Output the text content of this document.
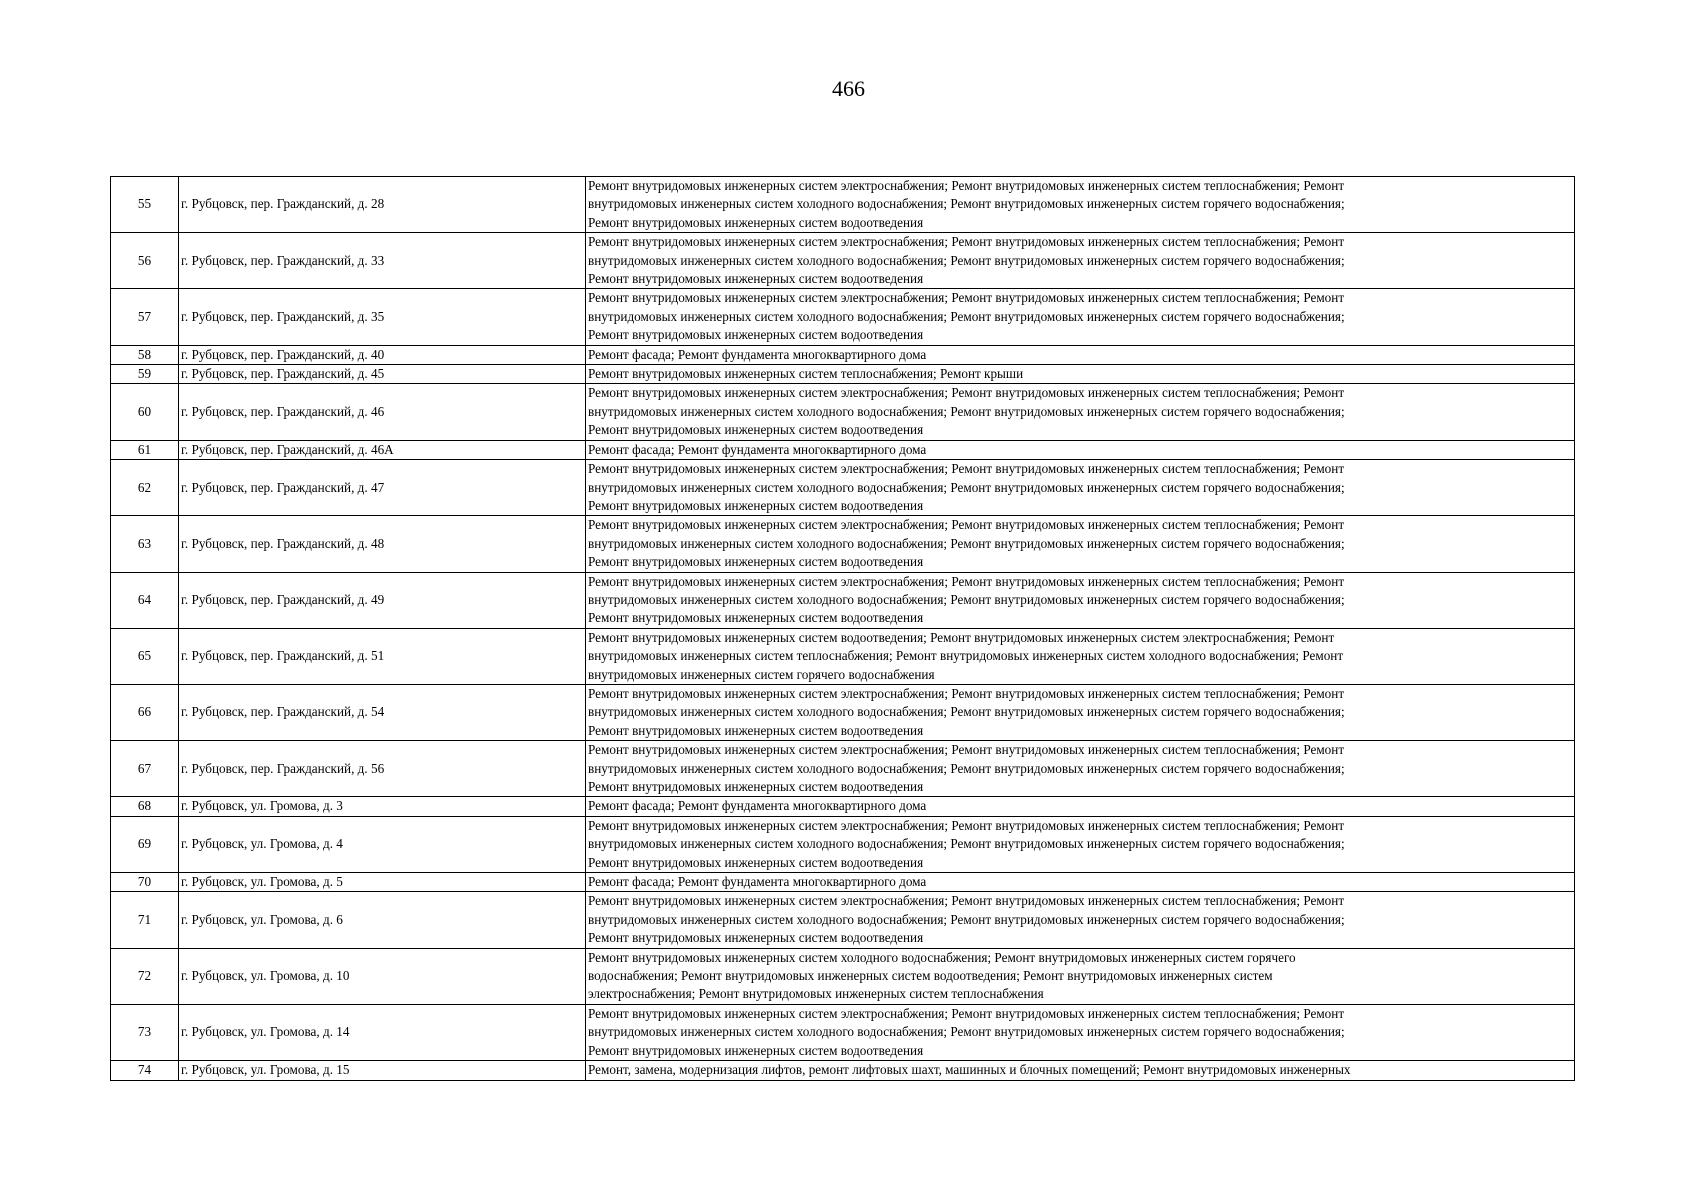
466
55	г. Рубцовск, пер. Гражданский, д. 28	Ремонт внутридомовых инженерных систем электроснабжения; Ремонт внутридомовых инженерных систем теплоснабжения; Ремонт
внутридомовых инженерных систем холодного водоснабжения; Ремонт внутридомовых инженерных систем горячего водоснабжения;
Ремонт внутридомовых инженерных систем водоотведения

56	г. Рубцовск, пер. Гражданский, д. 33	Ремонт внутридомовых инженерных систем электроснабжения; Ремонт внутридомовых инженерных систем теплоснабжения; Ремонт
внутридомовых инженерных систем холодного водоснабжения; Ремонт внутридомовых инженерных систем горячего водоснабжения;
Ремонт внутридомовых инженерных систем водоотведения

57	г. Рубцовск, пер. Гражданский, д. 35	Ремонт внутридомовых инженерных систем электроснабжения; Ремонт внутридомовых инженерных систем теплоснабжения; Ремонт
внутридомовых инженерных систем холодного водоснабжения; Ремонт внутридомовых инженерных систем горячего водоснабжения;
Ремонт внутридомовых инженерных систем водоотведения

58	г. Рубцовск, пер. Гражданский, д. 40	Ремонт фасада; Ремонт фундамента многоквартирного дома

59	г. Рубцовск, пер. Гражданский, д. 45	Ремонт внутридомовых инженерных систем теплоснабжения; Ремонт крыши

60	г. Рубцовск, пер. Гражданский, д. 46	Ремонт внутридомовых инженерных систем электроснабжения; Ремонт внутридомовых инженерных систем теплоснабжения; Ремонт
внутридомовых инженерных систем холодного водоснабжения; Ремонт внутридомовых инженерных систем горячего водоснабжения;
Ремонт внутридомовых инженерных систем водоотведения

61	г. Рубцовск, пер. Гражданский, д. 46А	Ремонт фасада; Ремонт фундамента многоквартирного дома

62	г. Рубцовск, пер. Гражданский, д. 47	Ремонт внутридомовых инженерных систем электроснабжения; Ремонт внутридомовых инженерных систем теплоснабжения; Ремонт
внутридомовых инженерных систем холодного водоснабжения; Ремонт внутридомовых инженерных систем горячего водоснабжения;
Ремонт внутридомовых инженерных систем водоотведения

63	г. Рубцовск, пер. Гражданский, д. 48	Ремонт внутридомовых инженерных систем электроснабжения; Ремонт внутридомовых инженерных систем теплоснабжения; Ремонт
внутридомовых инженерных систем холодного водоснабжения; Ремонт внутридомовых инженерных систем горячего водоснабжения;
Ремонт внутридомовых инженерных систем водоотведения

64	г. Рубцовск, пер. Гражданский, д. 49	Ремонт внутридомовых инженерных систем электроснабжения; Ремонт внутридомовых инженерных систем теплоснабжения; Ремонт
внутридомовых инженерных систем холодного водоснабжения; Ремонт внутридомовых инженерных систем горячего водоснабжения;
Ремонт внутридомовых инженерных систем водоотведения

65	г. Рубцовск, пер. Гражданский, д. 51	Ремонт внутридомовых инженерных систем водоотведения; Ремонт внутридомовых инженерных систем электроснабжения; Ремонт
внутридомовых инженерных систем теплоснабжения; Ремонт внутридомовых инженерных систем холодного водоснабжения; Ремонт
внутридомовых инженерных систем горячего водоснабжения

66	г. Рубцовск, пер. Гражданский, д. 54	Ремонт внутридомовых инженерных систем электроснабжения; Ремонт внутридомовых инженерных систем теплоснабжения; Ремонт
внутридомовых инженерных систем холодного водоснабжения; Ремонт внутридомовых инженерных систем горячего водоснабжения;
Ремонт внутридомовых инженерных систем водоотведения

67	г. Рубцовск, пер. Гражданский, д. 56	Ремонт внутридомовых инженерных систем электроснабжения; Ремонт внутридомовых инженерных систем теплоснабжения; Ремонт
внутридомовых инженерных систем холодного водоснабжения; Ремонт внутридомовых инженерных систем горячего водоснабжения;
Ремонт внутридомовых инженерных систем водоотведения

68	г. Рубцовск, ул. Громова, д. 3	Ремонт фасада; Ремонт фундамента многоквартирного дома

69	г. Рубцовск, ул. Громова, д. 4	Ремонт внутридомовых инженерных систем электроснабжения; Ремонт внутридомовых инженерных систем теплоснабжения; Ремонт
внутридомовых инженерных систем холодного водоснабжения; Ремонт внутридомовых инженерных систем горячего водоснабжения;
Ремонт внутридомовых инженерных систем водоотведения

70	г. Рубцовск, ул. Громова, д. 5	Ремонт фасада; Ремонт фундамента многоквартирного дома

71	г. Рубцовск, ул. Громова, д. 6	Ремонт внутридомовых инженерных систем электроснабжения; Ремонт внутридомовых инженерных систем теплоснабжения; Ремонт
внутридомовых инженерных систем холодного водоснабжения; Ремонт внутридомовых инженерных систем горячего водоснабжения;
Ремонт внутридомовых инженерных систем водоотведения

72	г. Рубцовск, ул. Громова, д. 10	Ремонт внутридомовых инженерных систем холодного водоснабжения; Ремонт внутридомовых инженерных систем горячего
водоснабжения; Ремонт внутридомовых инженерных систем водоотведения; Ремонт внутридомовых инженерных систем
электроснабжения; Ремонт внутридомовых инженерных систем теплоснабжения

73	г. Рубцовск, ул. Громова, д. 14	Ремонт внутридомовых инженерных систем электроснабжения; Ремонт внутридомовых инженерных систем теплоснабжения; Ремонт
внутридомовых инженерных систем холодного водоснабжения; Ремонт внутридомовых инженерных систем горячего водоснабжения;
Ремонт внутридомовых инженерных систем водоотведения

74	г. Рубцовск, ул. Громова, д. 15	Ремонт, замена, модернизация лифтов, ремонт лифтовых шахт, машинных и блочных помещений; Ремонт внутридомовых инженерных
